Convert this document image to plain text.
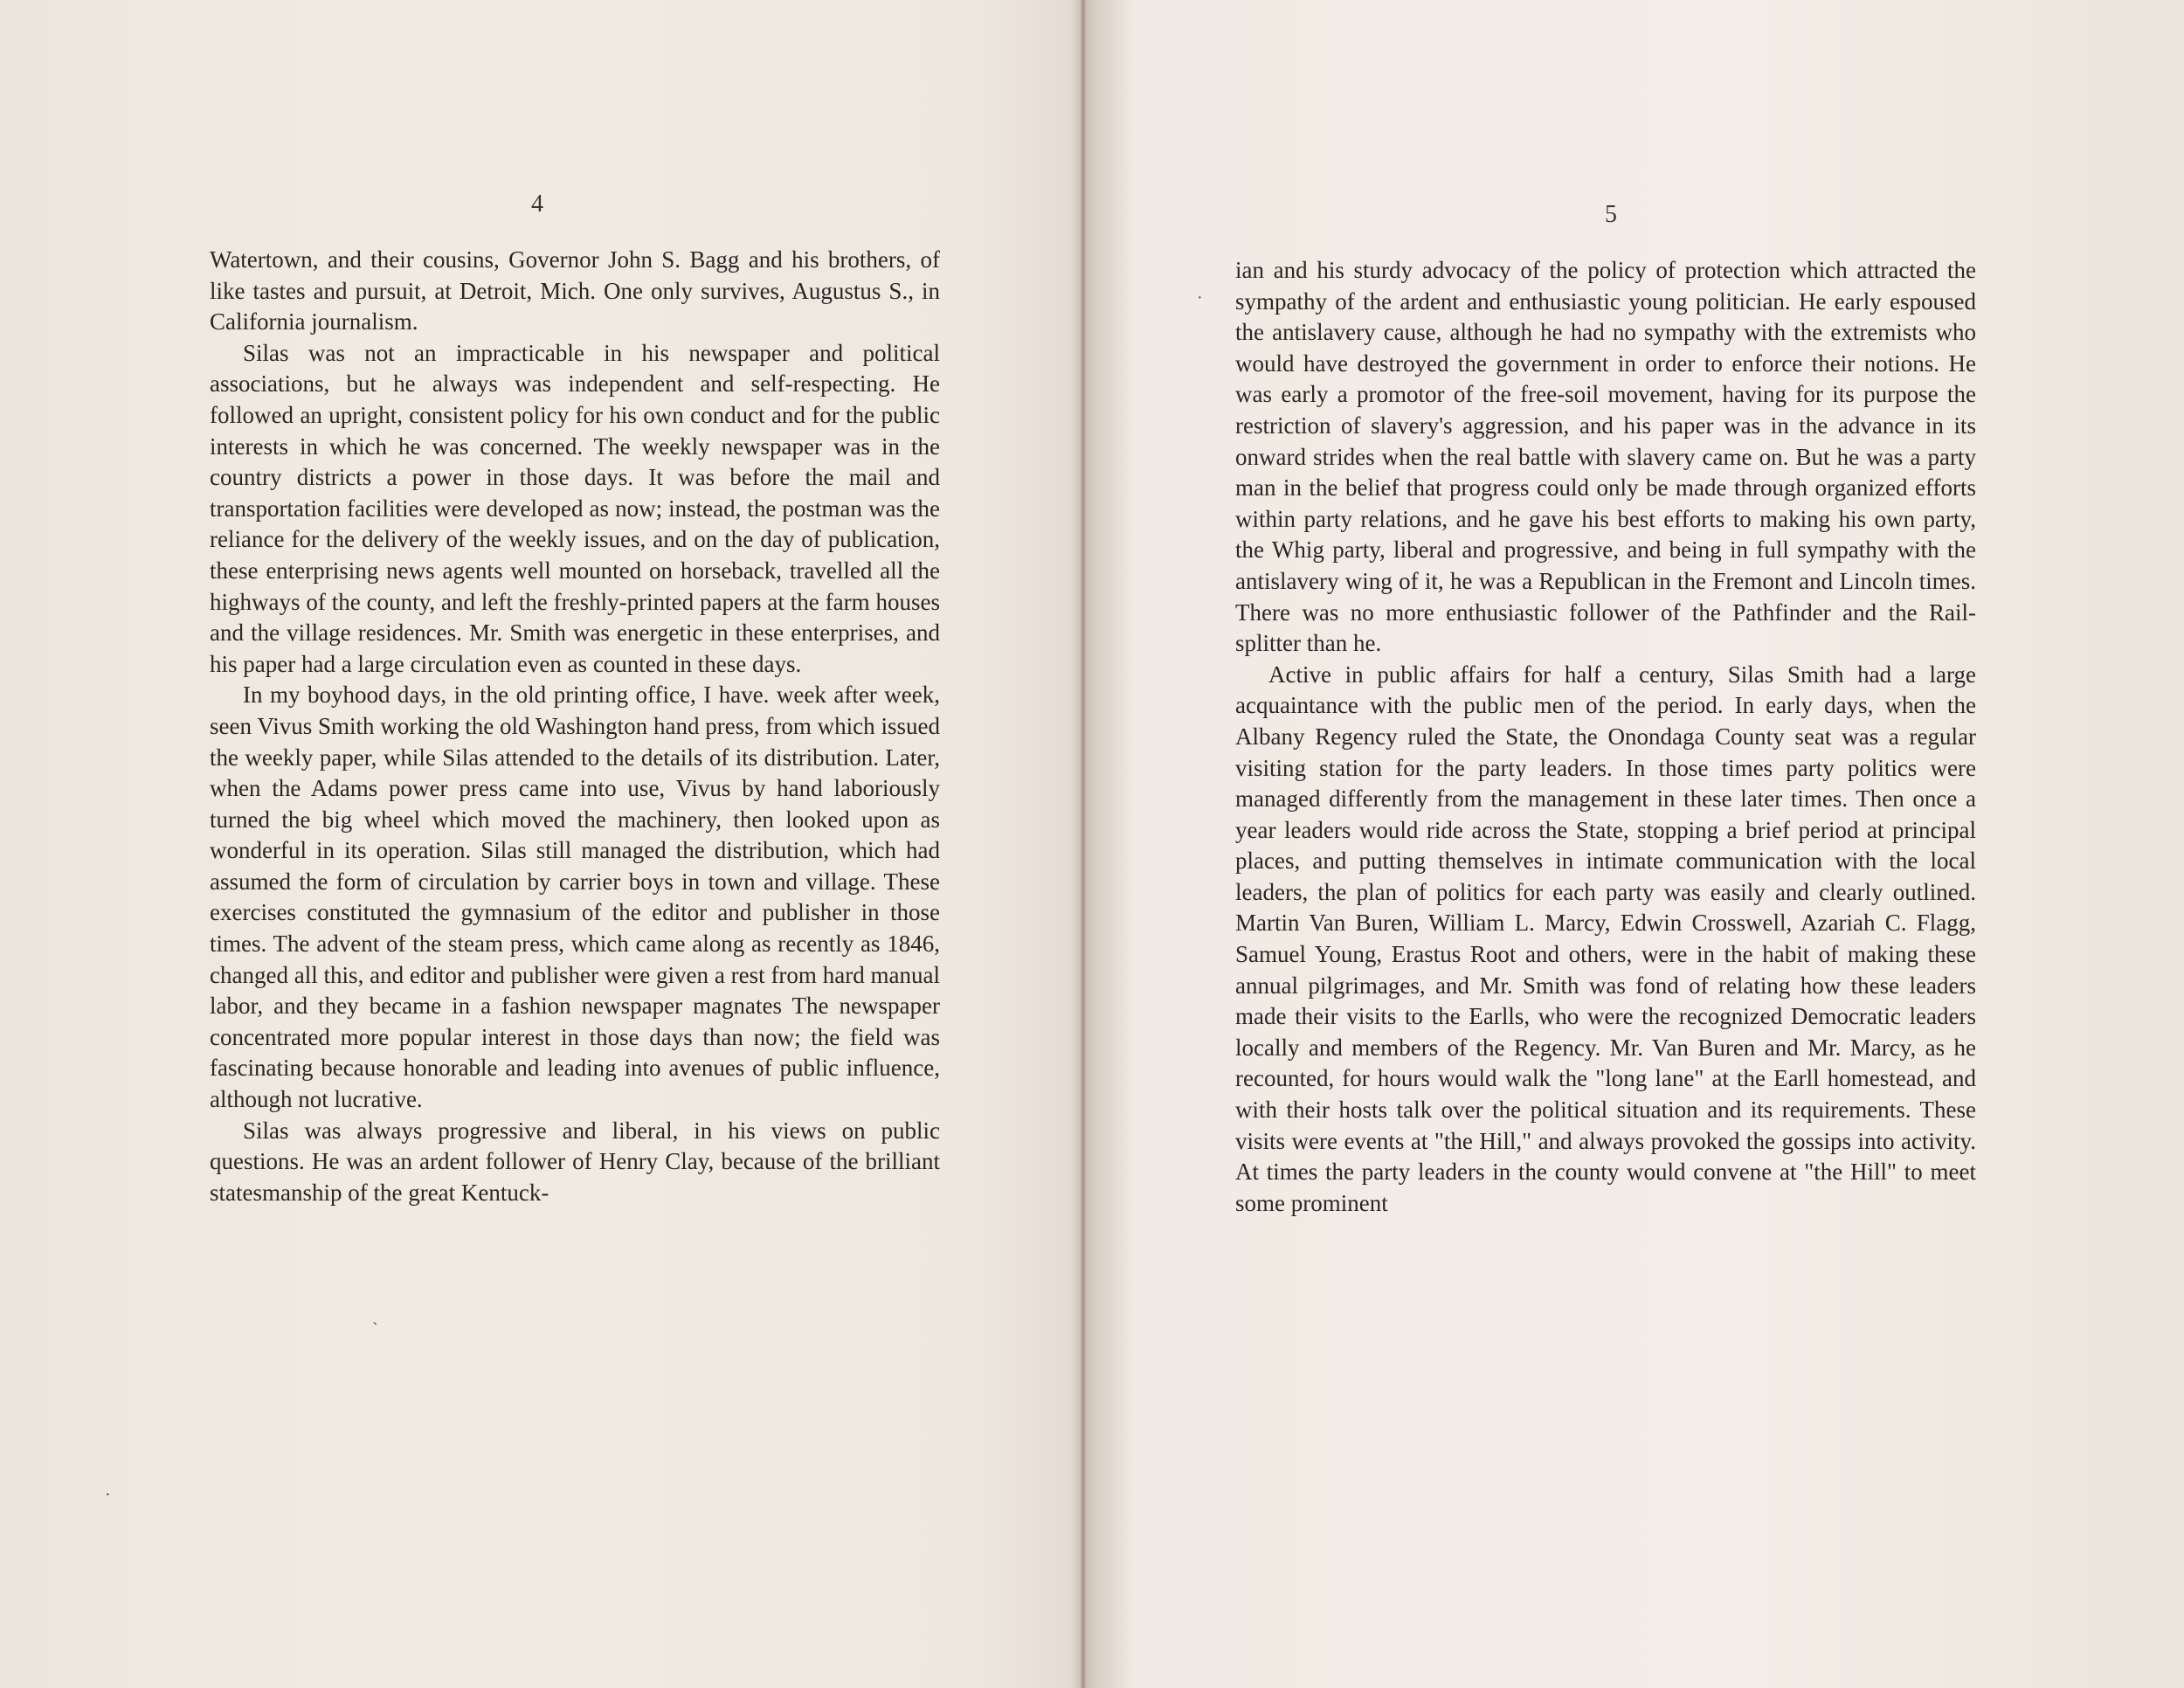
4

Watertown, and their cousins, Governor John S. Bagg and his brothers, of like tastes and pursuit, at Detroit, Mich. One only survives, Augustus S., in California journalism.

Silas was not an impracticable in his newspaper and political associations, but he always was independent and self-respecting. He followed an upright, consistent policy for his own conduct and for the public interests in which he was concerned. The weekly newspaper was in the country districts a power in those days. It was before the mail and transportation facilities were developed as now; instead, the postman was the reliance for the delivery of the weekly issues, and on the day of publication, these enterprising news agents well mounted on horseback, travelled all the highways of the county, and left the freshly-printed papers at the farm houses and the village residences. Mr. Smith was energetic in these enterprises, and his paper had a large circulation even as counted in these days.

In my boyhood days, in the old printing office, I have. week after week, seen Vivus Smith working the old Washington hand press, from which issued the weekly paper, while Silas attended to the details of its distribution. Later, when the Adams power press came into use, Vivus by hand laboriously turned the big wheel which moved the machinery, then looked upon as wonderful in its operation. Silas still managed the distribution, which had assumed the form of circulation by carrier boys in town and village. These exercises constituted the gymnasium of the editor and publisher in those times. The advent of the steam press, which came along as recently as 1846, changed all this, and editor and publisher were given a rest from hard manual labor, and they became in a fashion newspaper magnates The newspaper concentrated more popular interest in those days than now; the field was fascinating because honorable and leading into avenues of public influence, although not lucrative.

Silas was always progressive and liberal, in his views on public questions. He was an ardent follower of Henry Clay, because of the brilliant statesmanship of the great Kentuck-

5

ian and his sturdy advocacy of the policy of protection which attracted the sympathy of the ardent and enthusiastic young politician. He early espoused the antislavery cause, although he had no sympathy with the extremists who would have destroyed the government in order to enforce their notions. He was early a promotor of the free-soil movement, having for its purpose the restriction of slavery's aggression, and his paper was in the advance in its onward strides when the real battle with slavery came on. But he was a party man in the belief that progress could only be made through organized efforts within party relations, and he gave his best efforts to making his own party, the Whig party, liberal and progressive, and being in full sympathy with the antislavery wing of it, he was a Republican in the Fremont and Lincoln times. There was no more enthusiastic follower of the Pathfinder and the Rail-splitter than he.

Active in public affairs for half a century, Silas Smith had a large acquaintance with the public men of the period. In early days, when the Albany Regency ruled the State, the Onondaga County seat was a regular visiting station for the party leaders. In those times party politics were managed differently from the management in these later times. Then once a year leaders would ride across the State, stopping a brief period at principal places, and putting themselves in intimate communication with the local leaders, the plan of politics for each party was easily and clearly outlined. Martin Van Buren, William L. Marcy, Edwin Crosswell, Azariah C. Flagg, Samuel Young, Erastus Root and others, were in the habit of making these annual pilgrimages, and Mr. Smith was fond of relating how these leaders made their visits to the Earlls, who were the recognized Democratic leaders locally and members of the Regency. Mr. Van Buren and Mr. Marcy, as he recounted, for hours would walk the "long lane" at the Earll homestead, and with their hosts talk over the political situation and its requirements. These visits were events at "the Hill," and always provoked the gossips into activity. At times the party leaders in the county would convene at "the Hill" to meet some prominent

·
ˏ
·
